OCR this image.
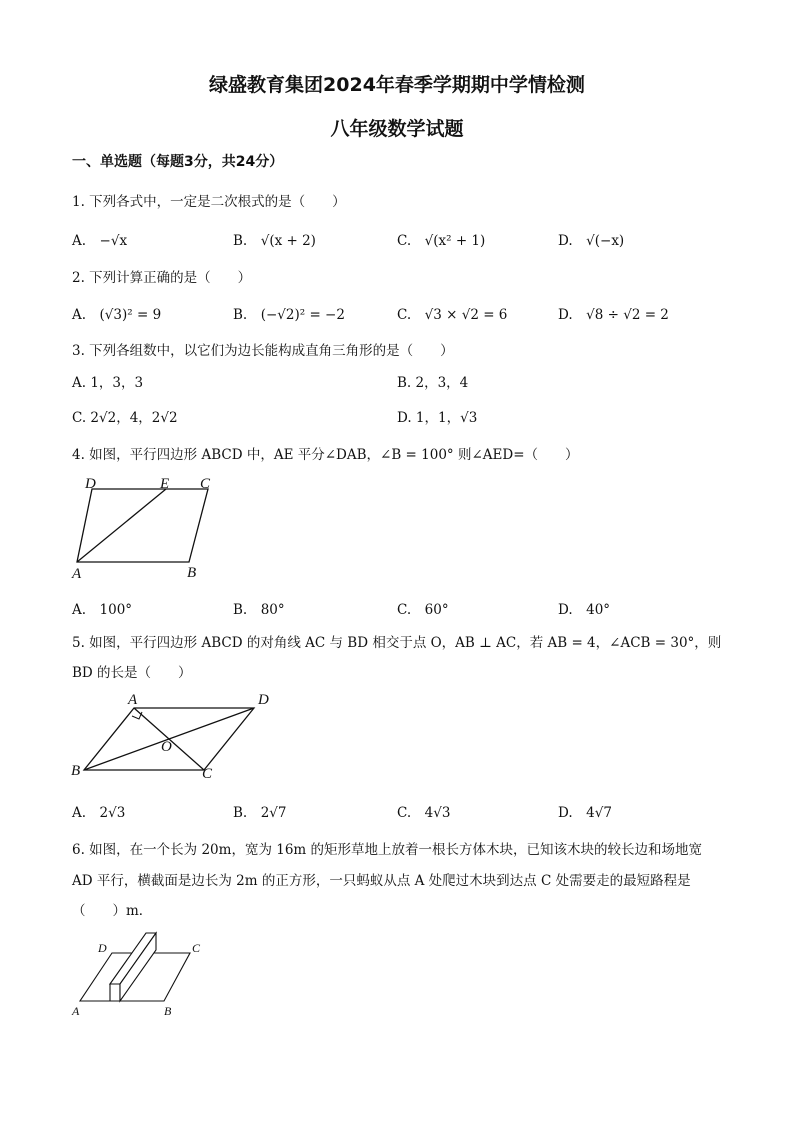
绿盛教育集团2024年春季学期期中学情检测
八年级数学试题
一、单选题（每题3分，共24分）
1. 下列各式中，一定是二次根式的是（　　）
A.　−√x	B.　√(x + 2)	C.　√(x² + 1)	D.　√(−x)
2. 下列计算正确的是（　　）
A.　(√3)² = 9	B.　(−√2)² = −2	C.　√3 × √2 = 6	D.　√8 ÷ √2 = 2
3. 下列各组数中，以它们为边长能构成直角三角形的是（　　）
A. 1，3，3	B. 2，3，4
C. 2√2，4，2√2	D. 1，1，√3
4. 如图，平行四边形 ABCD 中，AE 平分∠DAB，∠B = 100° 则∠AED=（　　）
D	E C
A	B
A.　100°	B.　80°	C.　60°	D.　40°
5. 如图，平行四边形 ABCD 的对角线 AC 与 BD 相交于点 O，AB ⊥ AC，若 AB = 4，∠ACB = 30°，则
BD 的长是（　　）
A	D
O
B	C
A.　2√3	B.　2√7	C.　4√3	D.　4√7
6. 如图，在一个长为 20m，宽为 16m 的矩形草地上放着一根长方体木块，已知该木块的较长边和场地宽
AD 平行，横截面是边长为 2m 的正方形，一只蚂蚁从点 A 处爬过木块到达点 C 处需要走的最短路程是
（　　）m．
D	C
A	B
